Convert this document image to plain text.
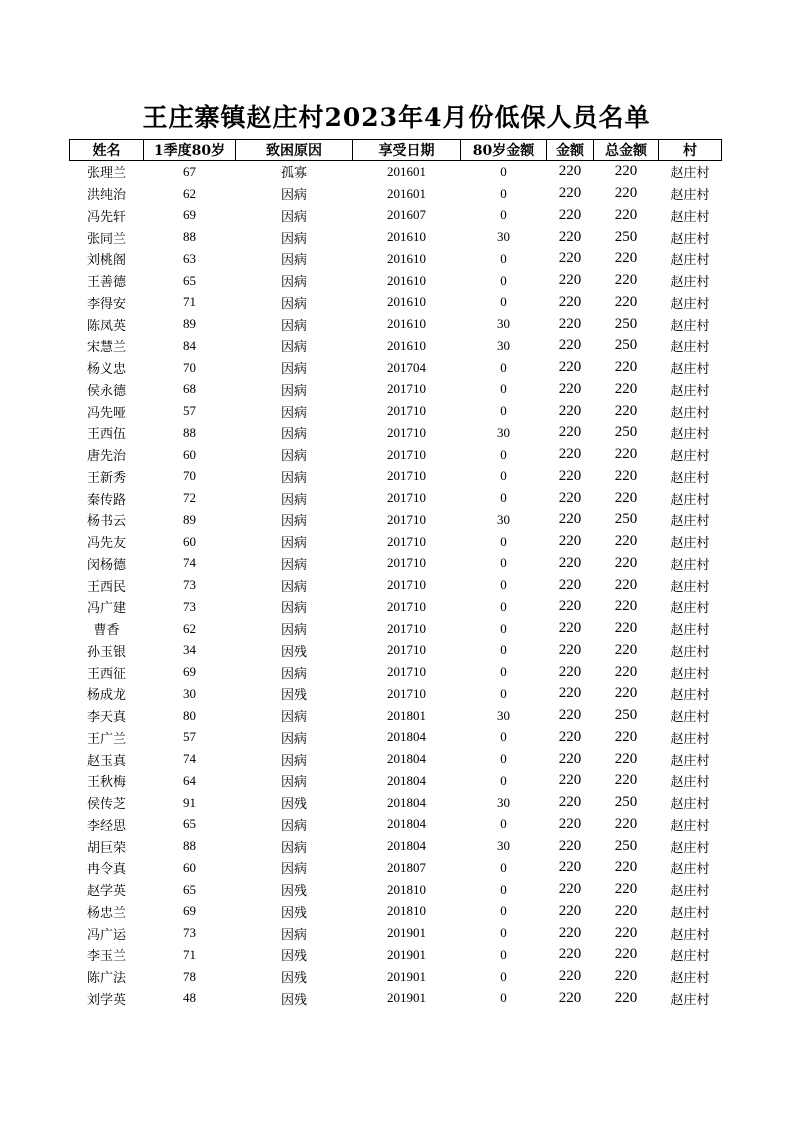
王庄寨镇赵庄村2023年4月份低保人员名单
姓名	1季度80岁	致困原因	享受日期	80岁金额	金额	总金额	村
张理兰	67	孤寡	201601	0	220	220	赵庄村
洪纯治	62	因病	201601	0	220	220	赵庄村
冯先轩	69	因病	201607	0	220	220	赵庄村
张同兰	88	因病	201610	30	220	250	赵庄村
刘桃阁	63	因病	201610	0	220	220	赵庄村
王善德	65	因病	201610	0	220	220	赵庄村
李得安	71	因病	201610	0	220	220	赵庄村
陈凤英	89	因病	201610	30	220	250	赵庄村
宋慧兰	84	因病	201610	30	220	250	赵庄村
杨义忠	70	因病	201704	0	220	220	赵庄村
侯永德	68	因病	201710	0	220	220	赵庄村
冯先哑	57	因病	201710	0	220	220	赵庄村
王西伍	88	因病	201710	30	220	250	赵庄村
唐先治	60	因病	201710	0	220	220	赵庄村
王新秀	70	因病	201710	0	220	220	赵庄村
秦传路	72	因病	201710	0	220	220	赵庄村
杨书云	89	因病	201710	30	220	250	赵庄村
冯先友	60	因病	201710	0	220	220	赵庄村
闵杨德	74	因病	201710	0	220	220	赵庄村
王西民	73	因病	201710	0	220	220	赵庄村
冯广建	73	因病	201710	0	220	220	赵庄村
曹香	62	因病	201710	0	220	220	赵庄村
孙玉银	34	因残	201710	0	220	220	赵庄村
王西征	69	因病	201710	0	220	220	赵庄村
杨成龙	30	因残	201710	0	220	220	赵庄村
李天真	80	因病	201801	30	220	250	赵庄村
王广兰	57	因病	201804	0	220	220	赵庄村
赵玉真	74	因病	201804	0	220	220	赵庄村
王秋梅	64	因病	201804	0	220	220	赵庄村
侯传芝	91	因残	201804	30	220	250	赵庄村
李经思	65	因病	201804	0	220	220	赵庄村
胡巨荣	88	因病	201804	30	220	250	赵庄村
冉令真	60	因病	201807	0	220	220	赵庄村
赵学英	65	因残	201810	0	220	220	赵庄村
杨忠兰	69	因残	201810	0	220	220	赵庄村
冯广运	73	因病	201901	0	220	220	赵庄村
李玉兰	71	因残	201901	0	220	220	赵庄村
陈广法	78	因残	201901	0	220	220	赵庄村
刘学英	48	因残	201901	0	220	220	赵庄村
